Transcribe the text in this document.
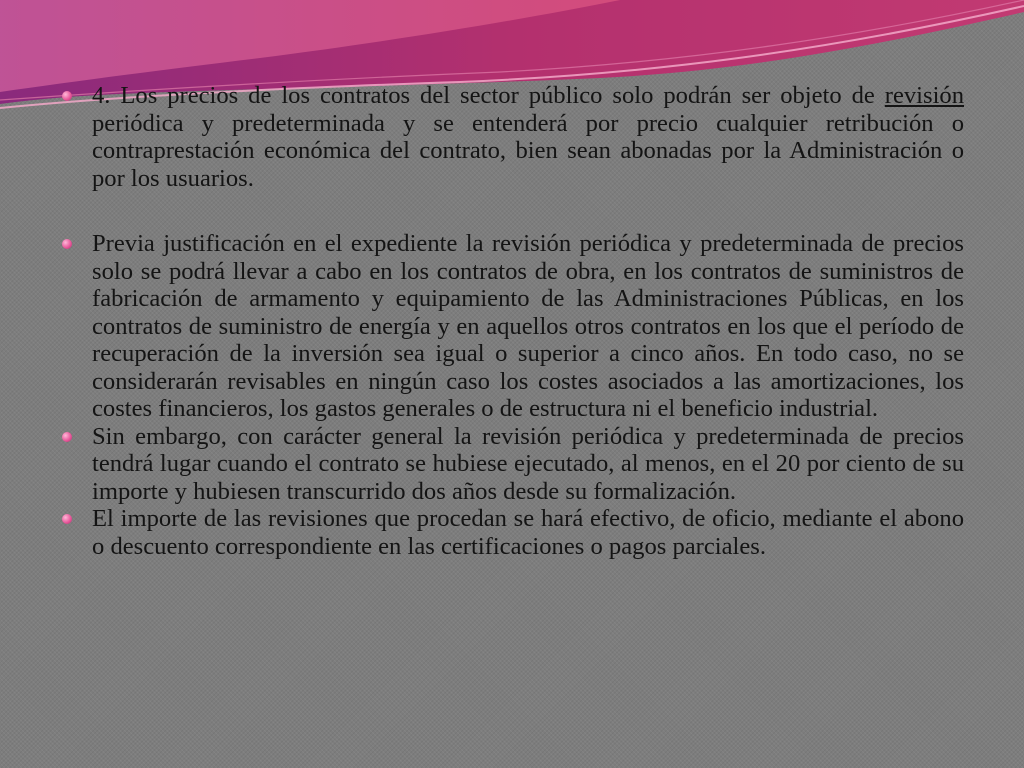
4. Los precios de los contratos del sector público solo podrán ser objeto de revisión periódica y predeterminada y se entenderá por precio cualquier retribución o contraprestación económica del contrato, bien sean abonadas por la Administración o por los usuarios.

Previa justificación en el expediente la revisión periódica y predeterminada de precios solo se podrá llevar a cabo en los contratos de obra, en los contratos de suministros de fabricación de armamento y equipamiento de las Administraciones Públicas, en los contratos de suministro de energía y en aquellos otros contratos en los que el período de recuperación de la inversión sea igual o superior a cinco años. En todo caso, no se considerarán revisables en ningún caso los costes asociados a las amortizaciones, los costes financieros, los gastos generales o de estructura ni el beneficio industrial.

Sin embargo, con carácter general la revisión periódica y predeterminada de precios tendrá lugar cuando el contrato se hubiese ejecutado, al menos, en el 20 por ciento de su importe y hubiesen transcurrido dos años desde su formalización.

El importe de las revisiones que procedan se hará efectivo, de oficio, mediante el abono o descuento correspondiente en las certificaciones o pagos parciales.
